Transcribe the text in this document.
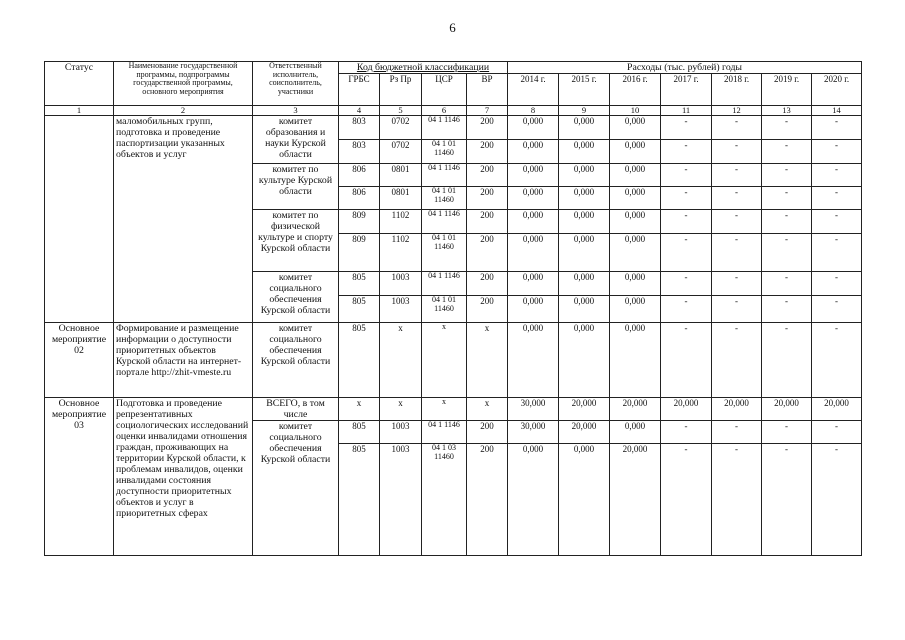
6
Статус	Наименование государственной программы, подпрограммы государственной программы, основного мероприятия	Ответственный исполнитель, соисполнитель, участники	Код бюджетной классификации				Расходы (тыс. рублей) годы						
			ГРБС	Рз Пр	ЦСР	ВР	2014 г.	2015 г.	2016 г.	2017 г.	2018 г.	2019 г.	2020 г.
1	2	3	4	5	6	7	8	9	10	11	12	13	14
	маломобильных групп, подготовка и проведение паспортизации указанных объектов и услуг	комитет образования и науки Курской области	803	0702	04 1 1146	200	0,000	0,000	0,000	-	-	-	-
			803	0702	04 1 01 11460	200	0,000	0,000	0,000	-	-	-	-
		комитет по культуре Курской области	806	0801	04 1 1146	200	0,000	0,000	0,000	-	-	-	-
			806	0801	04 1 01 11460	200	0,000	0,000	0,000	-	-	-	-
		комитет по физической культуре и спорту Курской области	809	1102	04 1 1146	200	0,000	0,000	0,000	-	-	-	-
			809	1102	04 1 01 11460	200	0,000	0,000	0,000	-	-	-	-
		комитет социального обеспечения Курской области	805	1003	04 1 1146	200	0,000	0,000	0,000	-	-	-	-
			805	1003	04 1 01 11460	200	0,000	0,000	0,000	-	-	-	-
Основное мероприятие 02	Формирование и размещение информации о доступности приоритетных объектов Курской области на интернет-портале http://zhit-vmeste.ru	комитет социального обеспечения Курской области	805	x	x	x	0,000	0,000	0,000	-	-	-	-
Основное мероприятие 03	Подготовка и проведение репрезентативных социологических исследований оценки инвалидами отношения граждан, проживающих на территории Курской области, к проблемам инвалидов, оценки инвалидами состояния доступности приоритетных объектов и услуг в приоритетных сферах	ВСЕГО, в том числе	x	x	x	x	30,000	20,000	20,000	20,000	20,000	20,000	20,000
		комитет социального обеспечения Курской области	805	1003	04 1 1146	200	30,000	20,000	0,000	-	-	-	-
			805	1003	04 1 03 11460	200	0,000	0,000	20,000	-	-	-	-
